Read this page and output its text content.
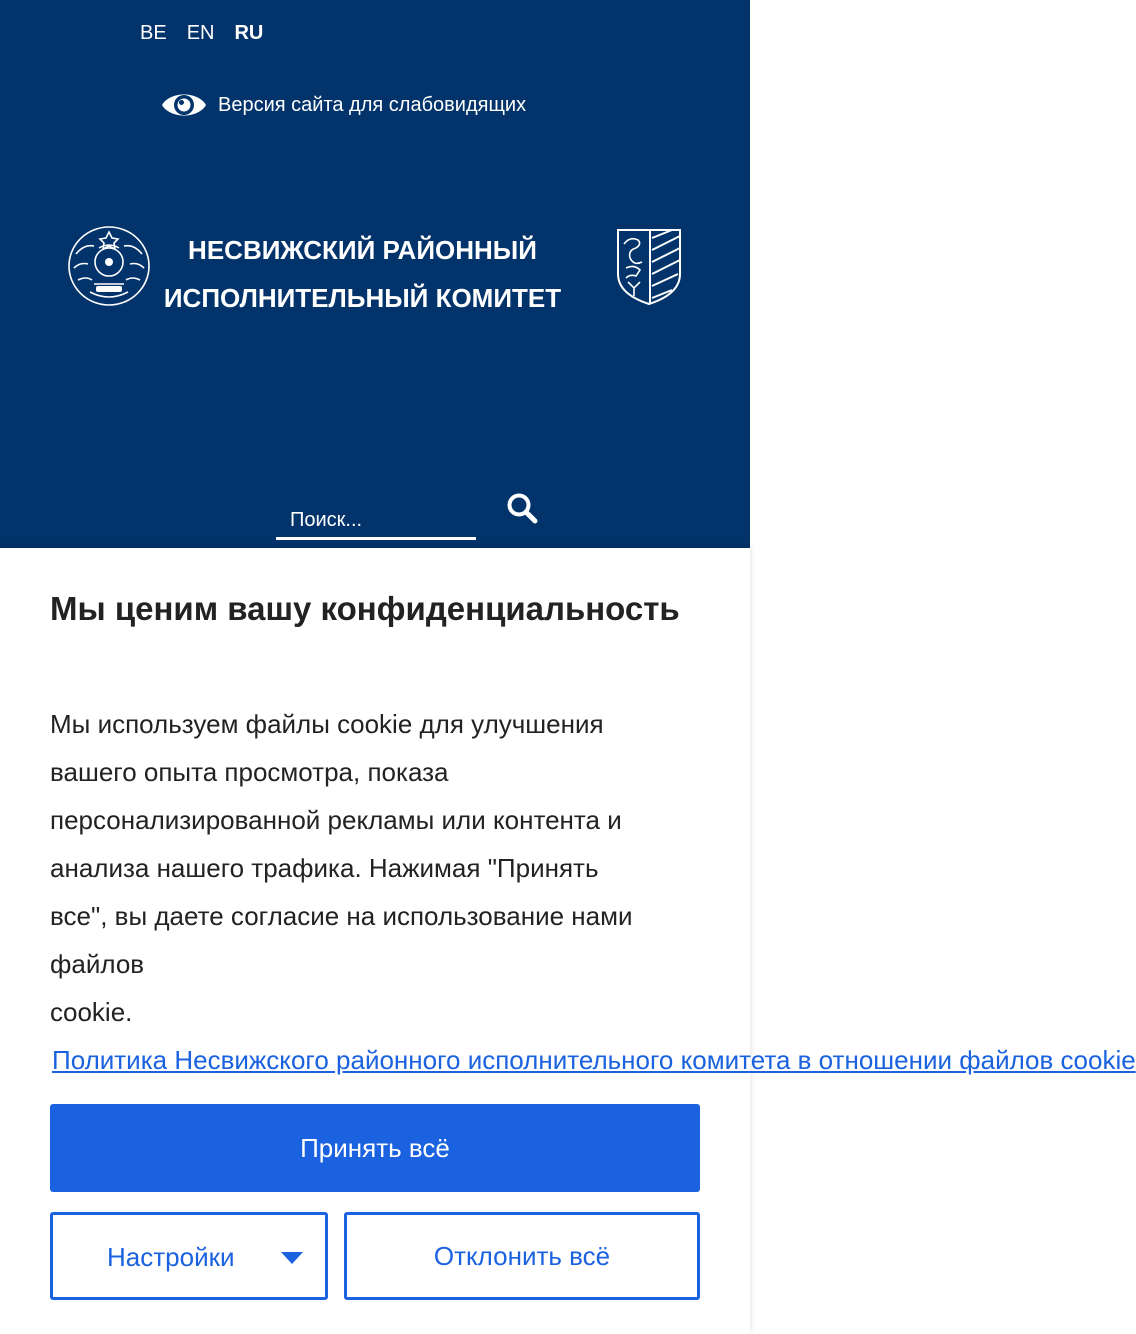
BE EN RU
Версия сайта для слабовидящих
НЕСВИЖСКИЙ РАЙОННЫЙ
ИСПОЛНИТЕЛЬНЫЙ КОМИТЕТ
Поиск...
Мы ценим вашу конфиденциальность
Мы используем файлы cookie для улучшения
вашего опыта просмотра, показа
персонализированной рекламы или контента и
анализа нашего трафика. Нажимая "Принять
все", вы даете согласие на использование нами
файлов
cookie.
Политика Несвижского районного исполнительного комитета в отношении файлов cookie
Принять всё
Настройки	Отклонить всё
